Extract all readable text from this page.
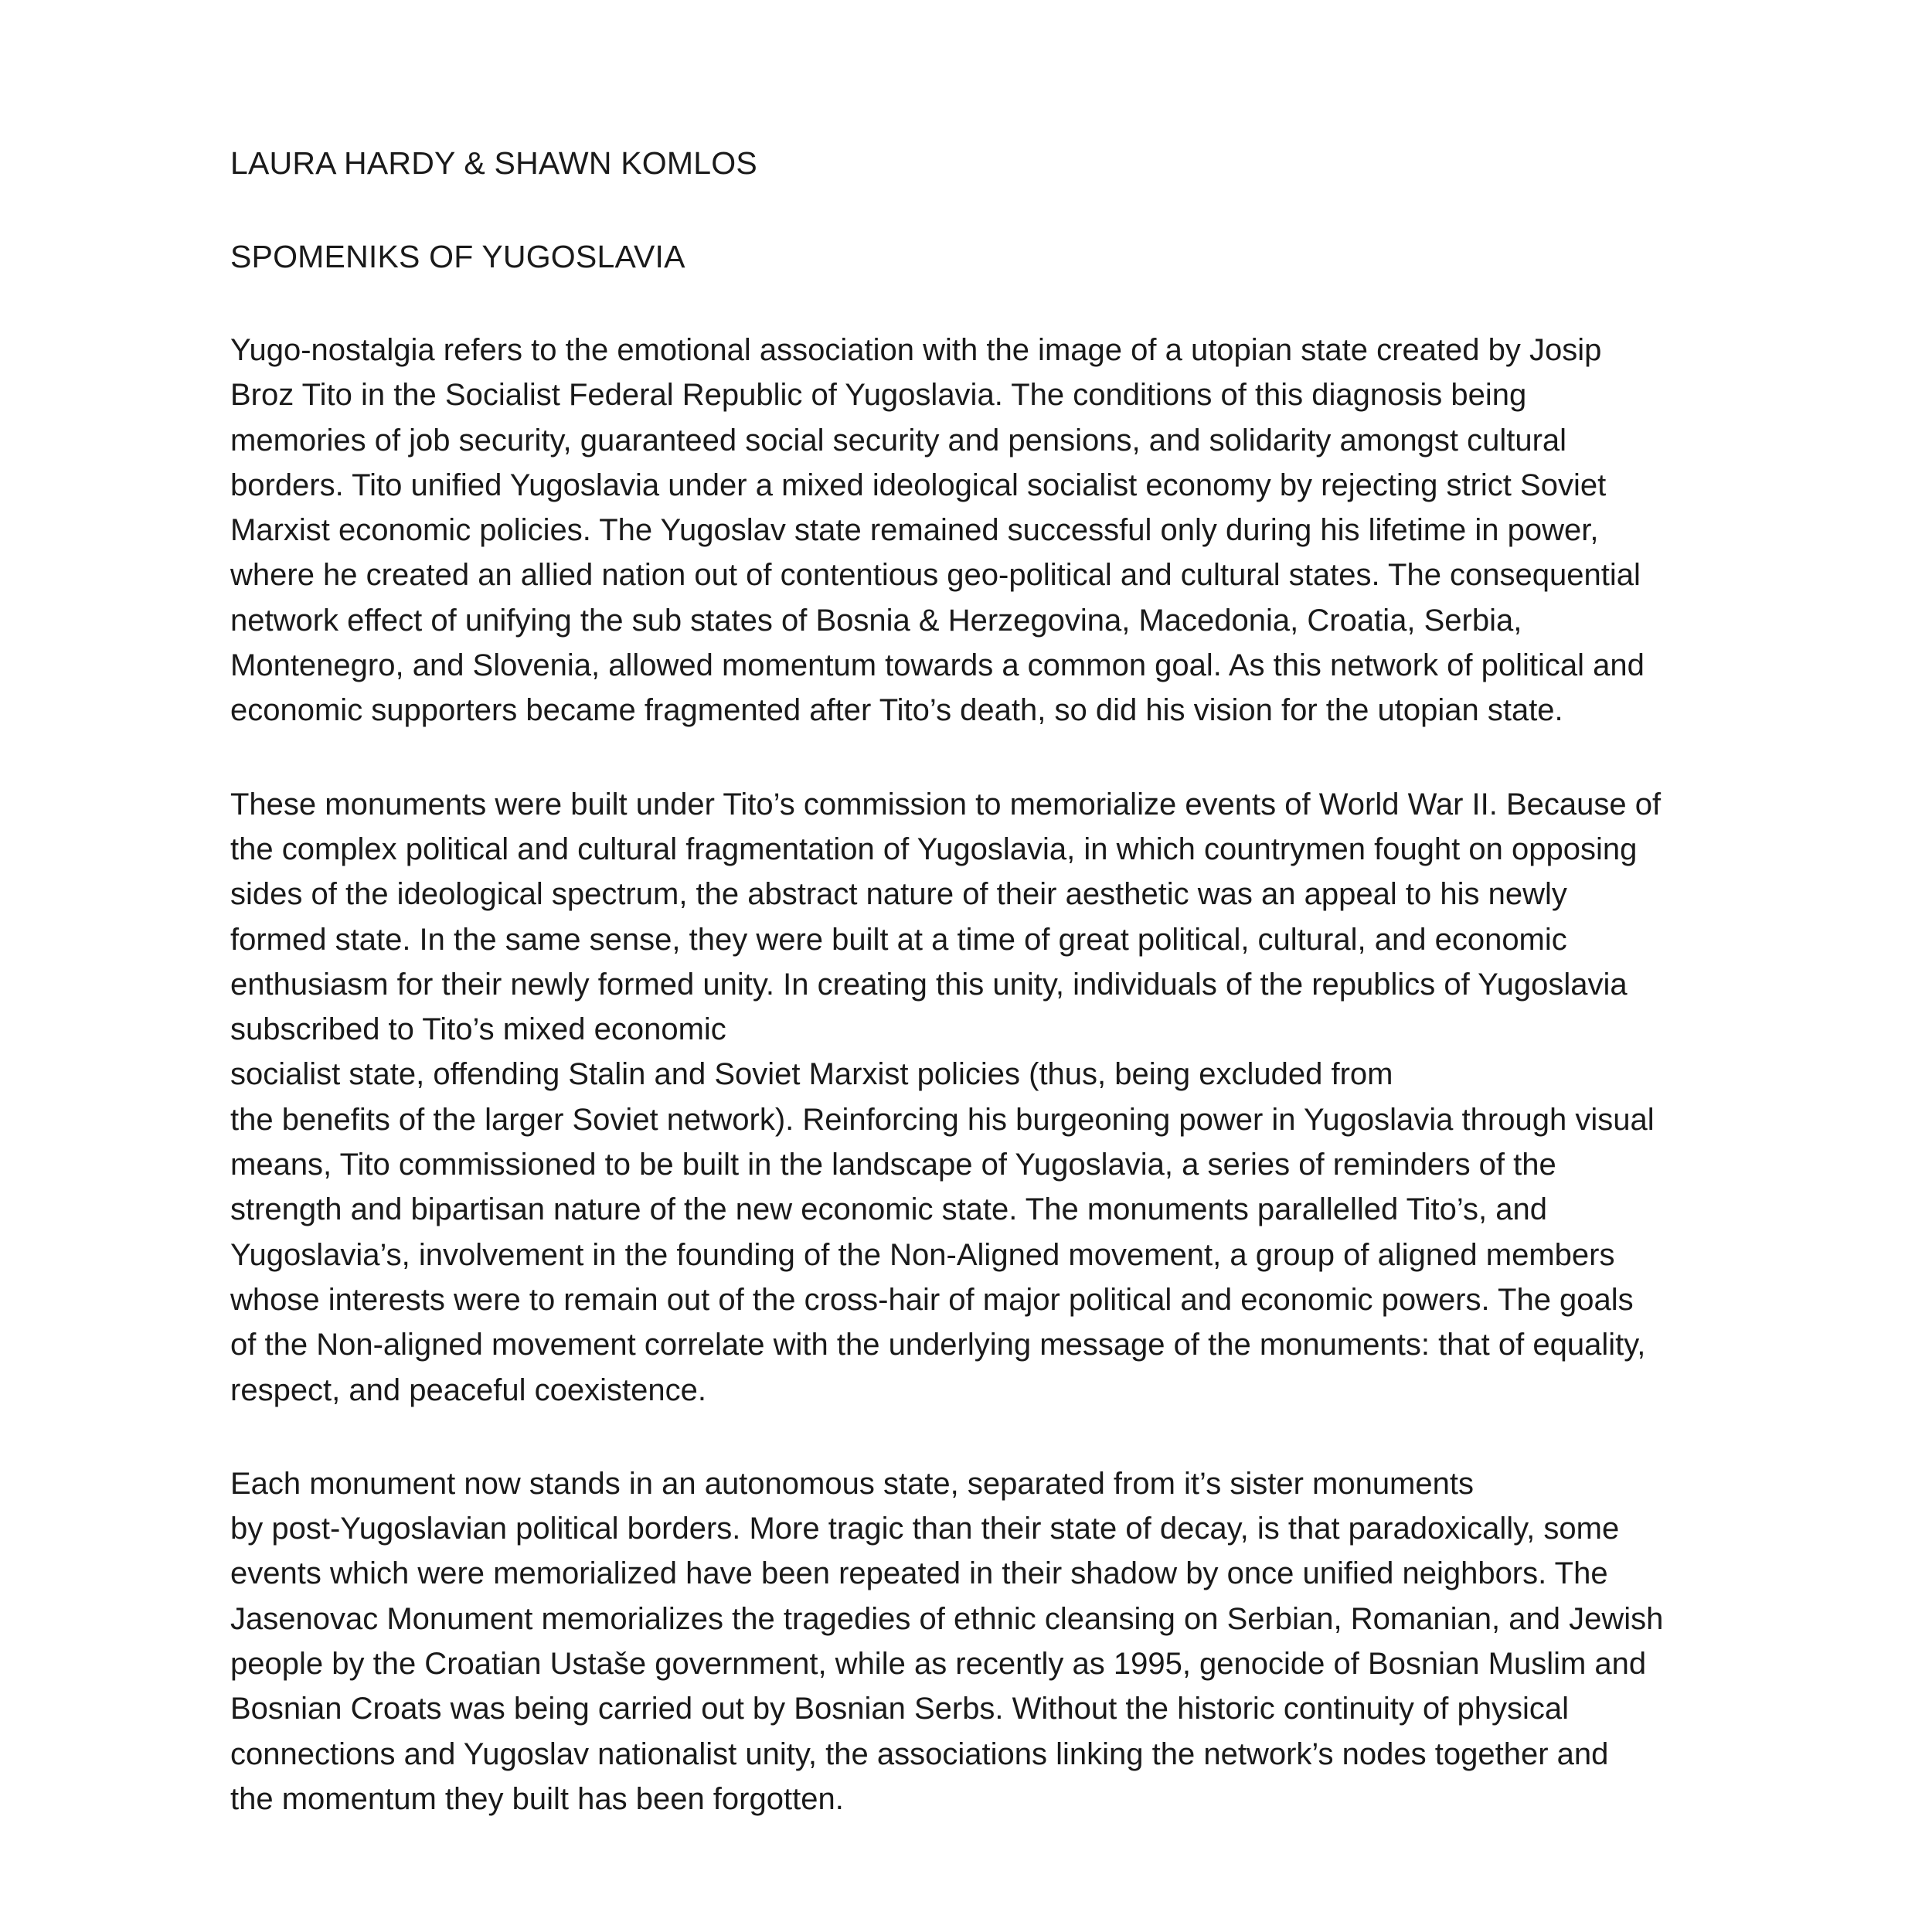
LAURA HARDY & SHAWN KOMLOS
SPOMENIKS OF YUGOSLAVIA

Yugo-nostalgia refers to the emotional association with the image of a utopian state created by Josip
Broz Tito in the Socialist Federal Republic of Yugoslavia. The conditions of this diagnosis being
memories of job security, guaranteed social security and pensions, and solidarity amongst cultural
borders. Tito unified Yugoslavia under a mixed ideological socialist economy by rejecting strict Soviet
Marxist economic policies. The Yugoslav state remained successful only during his lifetime in power,
where he created an allied nation out of contentious geo-political and cultural states. The consequential
network effect of unifying the sub states of Bosnia & Herzegovina, Macedonia, Croatia, Serbia,
Montenegro, and Slovenia, allowed momentum towards a common goal. As this network of political and
economic supporters became fragmented after Tito’s death, so did his vision for the utopian state.

These monuments were built under Tito’s commission to memorialize events of World War II. Because of
the complex political and cultural fragmentation of Yugoslavia, in which countrymen fought on opposing
sides of the ideological spectrum, the abstract nature of their aesthetic was an appeal to his newly
formed state. In the same sense, they were built at a time of great political, cultural, and economic
enthusiasm for their newly formed unity. In creating this unity, individuals of the republics of Yugoslavia
subscribed to Tito’s mixed economic
socialist state, offending Stalin and Soviet Marxist policies (thus, being excluded from
the benefits of the larger Soviet network). Reinforcing his burgeoning power in Yugoslavia through visual
means, Tito commissioned to be built in the landscape of Yugoslavia, a series of reminders of the
strength and bipartisan nature of the new economic state. The monuments parallelled Tito’s, and
Yugoslavia’s, involvement in the founding of the Non-Aligned movement, a group of aligned members
whose interests were to remain out of the cross-hair of major political and economic powers. The goals
of the Non-aligned movement correlate with the underlying message of the monuments: that of equality,
respect, and peaceful coexistence.

Each monument now stands in an autonomous state, separated from it’s sister monuments
by post-Yugoslavian political borders. More tragic than their state of decay, is that paradoxically, some
events which were memorialized have been repeated in their shadow by once unified neighbors. The
Jasenovac Monument memorializes the tragedies of ethnic cleansing on Serbian, Romanian, and Jewish
people by the Croatian Ustaše government, while as recently as 1995, genocide of Bosnian Muslim and
Bosnian Croats was being carried out by Bosnian Serbs. Without the historic continuity of physical
connections and Yugoslav nationalist unity, the associations linking the network’s nodes together and
the momentum they built has been forgotten.
